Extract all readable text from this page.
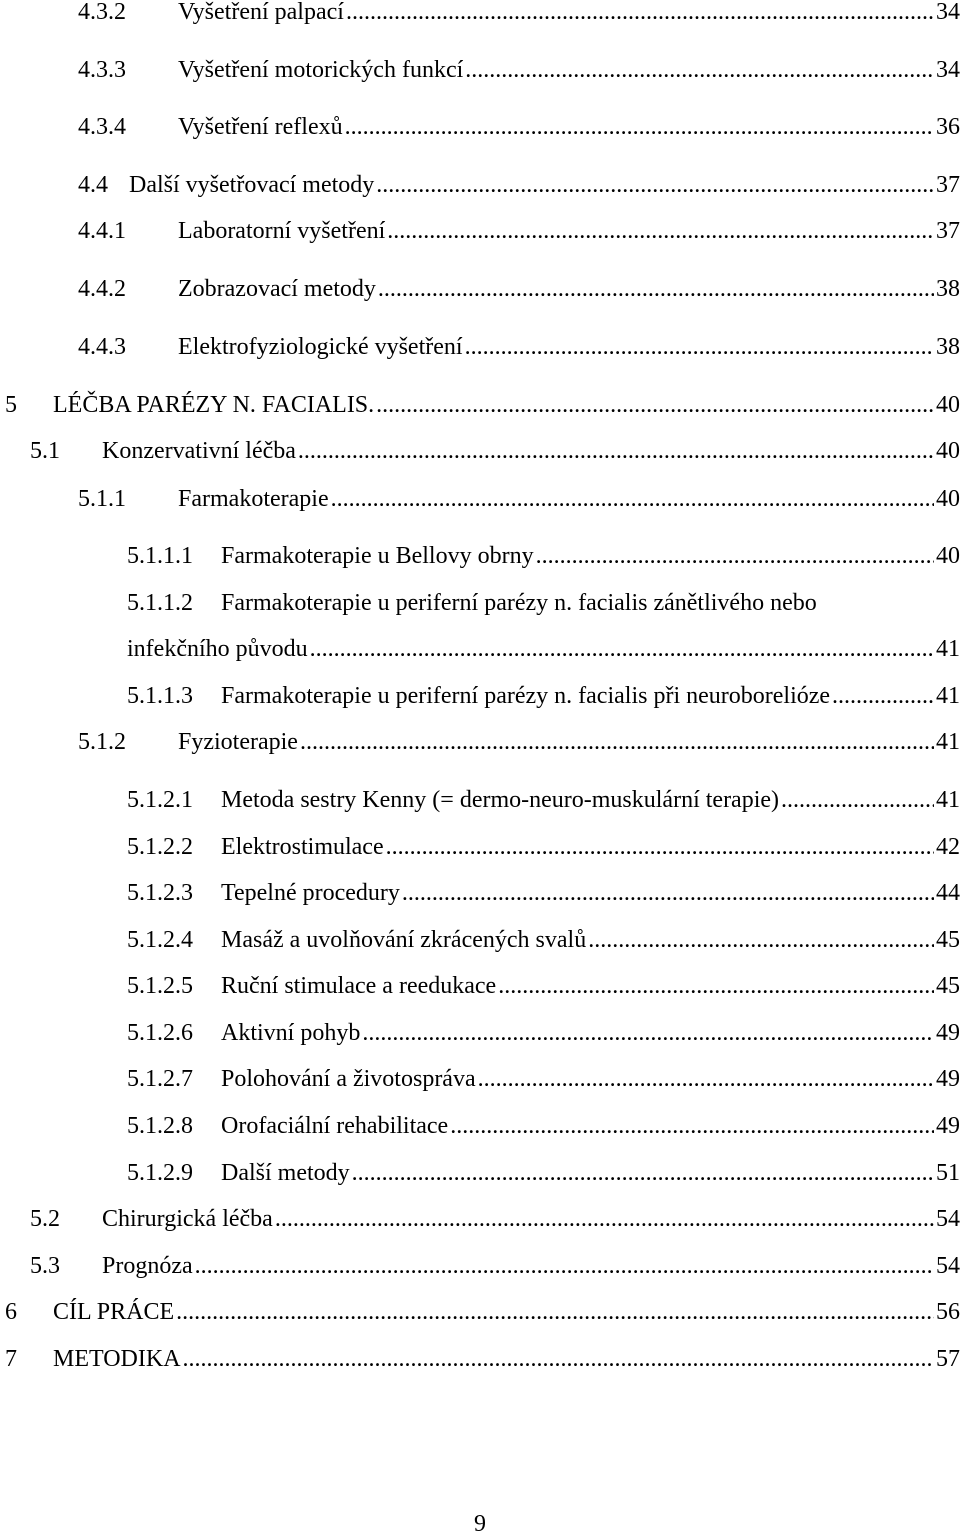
4.3.2	Vyšetření palpací .....	34
4.3.3	Vyšetření motorických funkcí .....	34
4.3.4	Vyšetření reflexů .....	36
4.4 Další vyšetřovací metody .....	37
4.4.1	Laboratorní vyšetření .....	37
4.4.2	Zobrazovací metody .....	38
4.4.3	Elektrofyziologické vyšetření .....	38
5	LÉČBA PARÉZY N. FACIALIS. .....	40
5.1	Konzervativní léčba .....	40
5.1.1	Farmakoterapie .....	40
5.1.1.1	Farmakoterapie u Bellovy obrny .....	40
5.1.1.2 Farmakoterapie u periferní parézy n. facialis zánětlivého nebo
infekčního původu .....	41
5.1.1.3	Farmakoterapie u periferní parézy n. facialis při neuroborelióze .....	41
5.1.2	Fyzioterapie .....	41
5.1.2.1	Metoda sestry Kenny (= dermo-neuro-muskulární terapie) .....	41
5.1.2.2	Elektrostimulace .....	42
5.1.2.3	Tepelné procedury .....	44
5.1.2.4	Masáž a uvolňování zkrácených svalů .....	45
5.1.2.5	Ruční stimulace a reedukace .....	45
5.1.2.6	Aktivní pohyb .....	49
5.1.2.7	Polohování a životospráva .....	49
5.1.2.8	Orofaciální rehabilitace .....	49
5.1.2.9	Další metody .....	51
5.2	Chirurgická léčba .....	54
5.3	Prognóza .....	54
6	CÍL PRÁCE .....	56
7	METODIKA .....	57
9
